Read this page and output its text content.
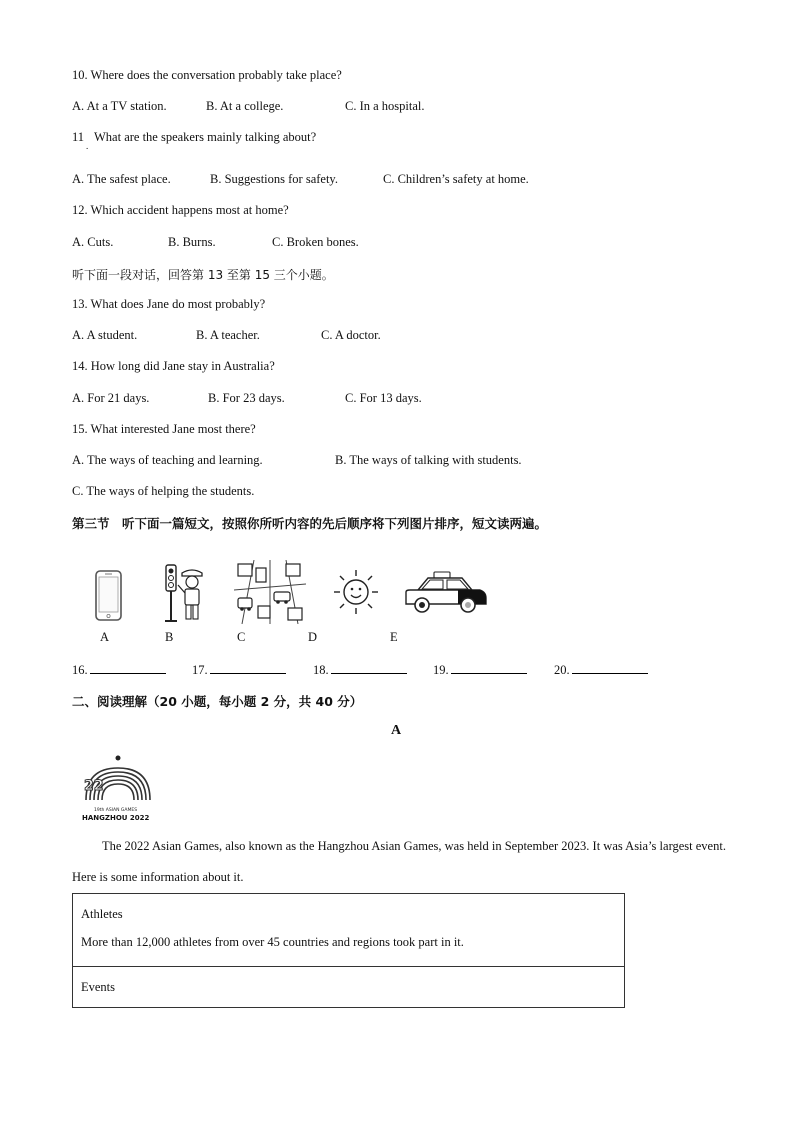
10. Where does the conversation probably take place?
A. At a TV station.	B. At a college.	C. In a hospital.
11
.
What are the speakers mainly talking about?
A. The safest place.	B. Suggestions for safety.	C. Children’s safety at home.
12. Which accident happens most at home?
A. Cuts.	B. Burns.	C. Broken bones.
听下面一段对话，回答第 13 至第 15 三个小题。
13. What does Jane do most probably?
A. A student.	B. A teacher.	C. A doctor.
14. How long did Jane stay in Australia?
A. For 21 days.	B. For 23 days.	C. For 13 days.
15. What interested Jane most there?
A. The ways of teaching and learning.	B. The ways of talking with students.
C. The ways of helping the students.
第三节　听下面一篇短文，按照你所听内容的先后顺序将下列图片排序，短文读两遍。
A	B	C	D	E
16.	17.	18.	19.	20.
二、阅读理解（20 小题，每小题 2 分，共 40 分）
A
22
19th ASIAN GAMES
HANGZHOU 2022
The 2022 Asian Games, also known as the Hangzhou Asian Games, was held in September 2023. It was Asia’s largest event. Here is some information about it.
Athletes
More than 12,000 athletes from over 45 countries and regions took part in it.

Events
